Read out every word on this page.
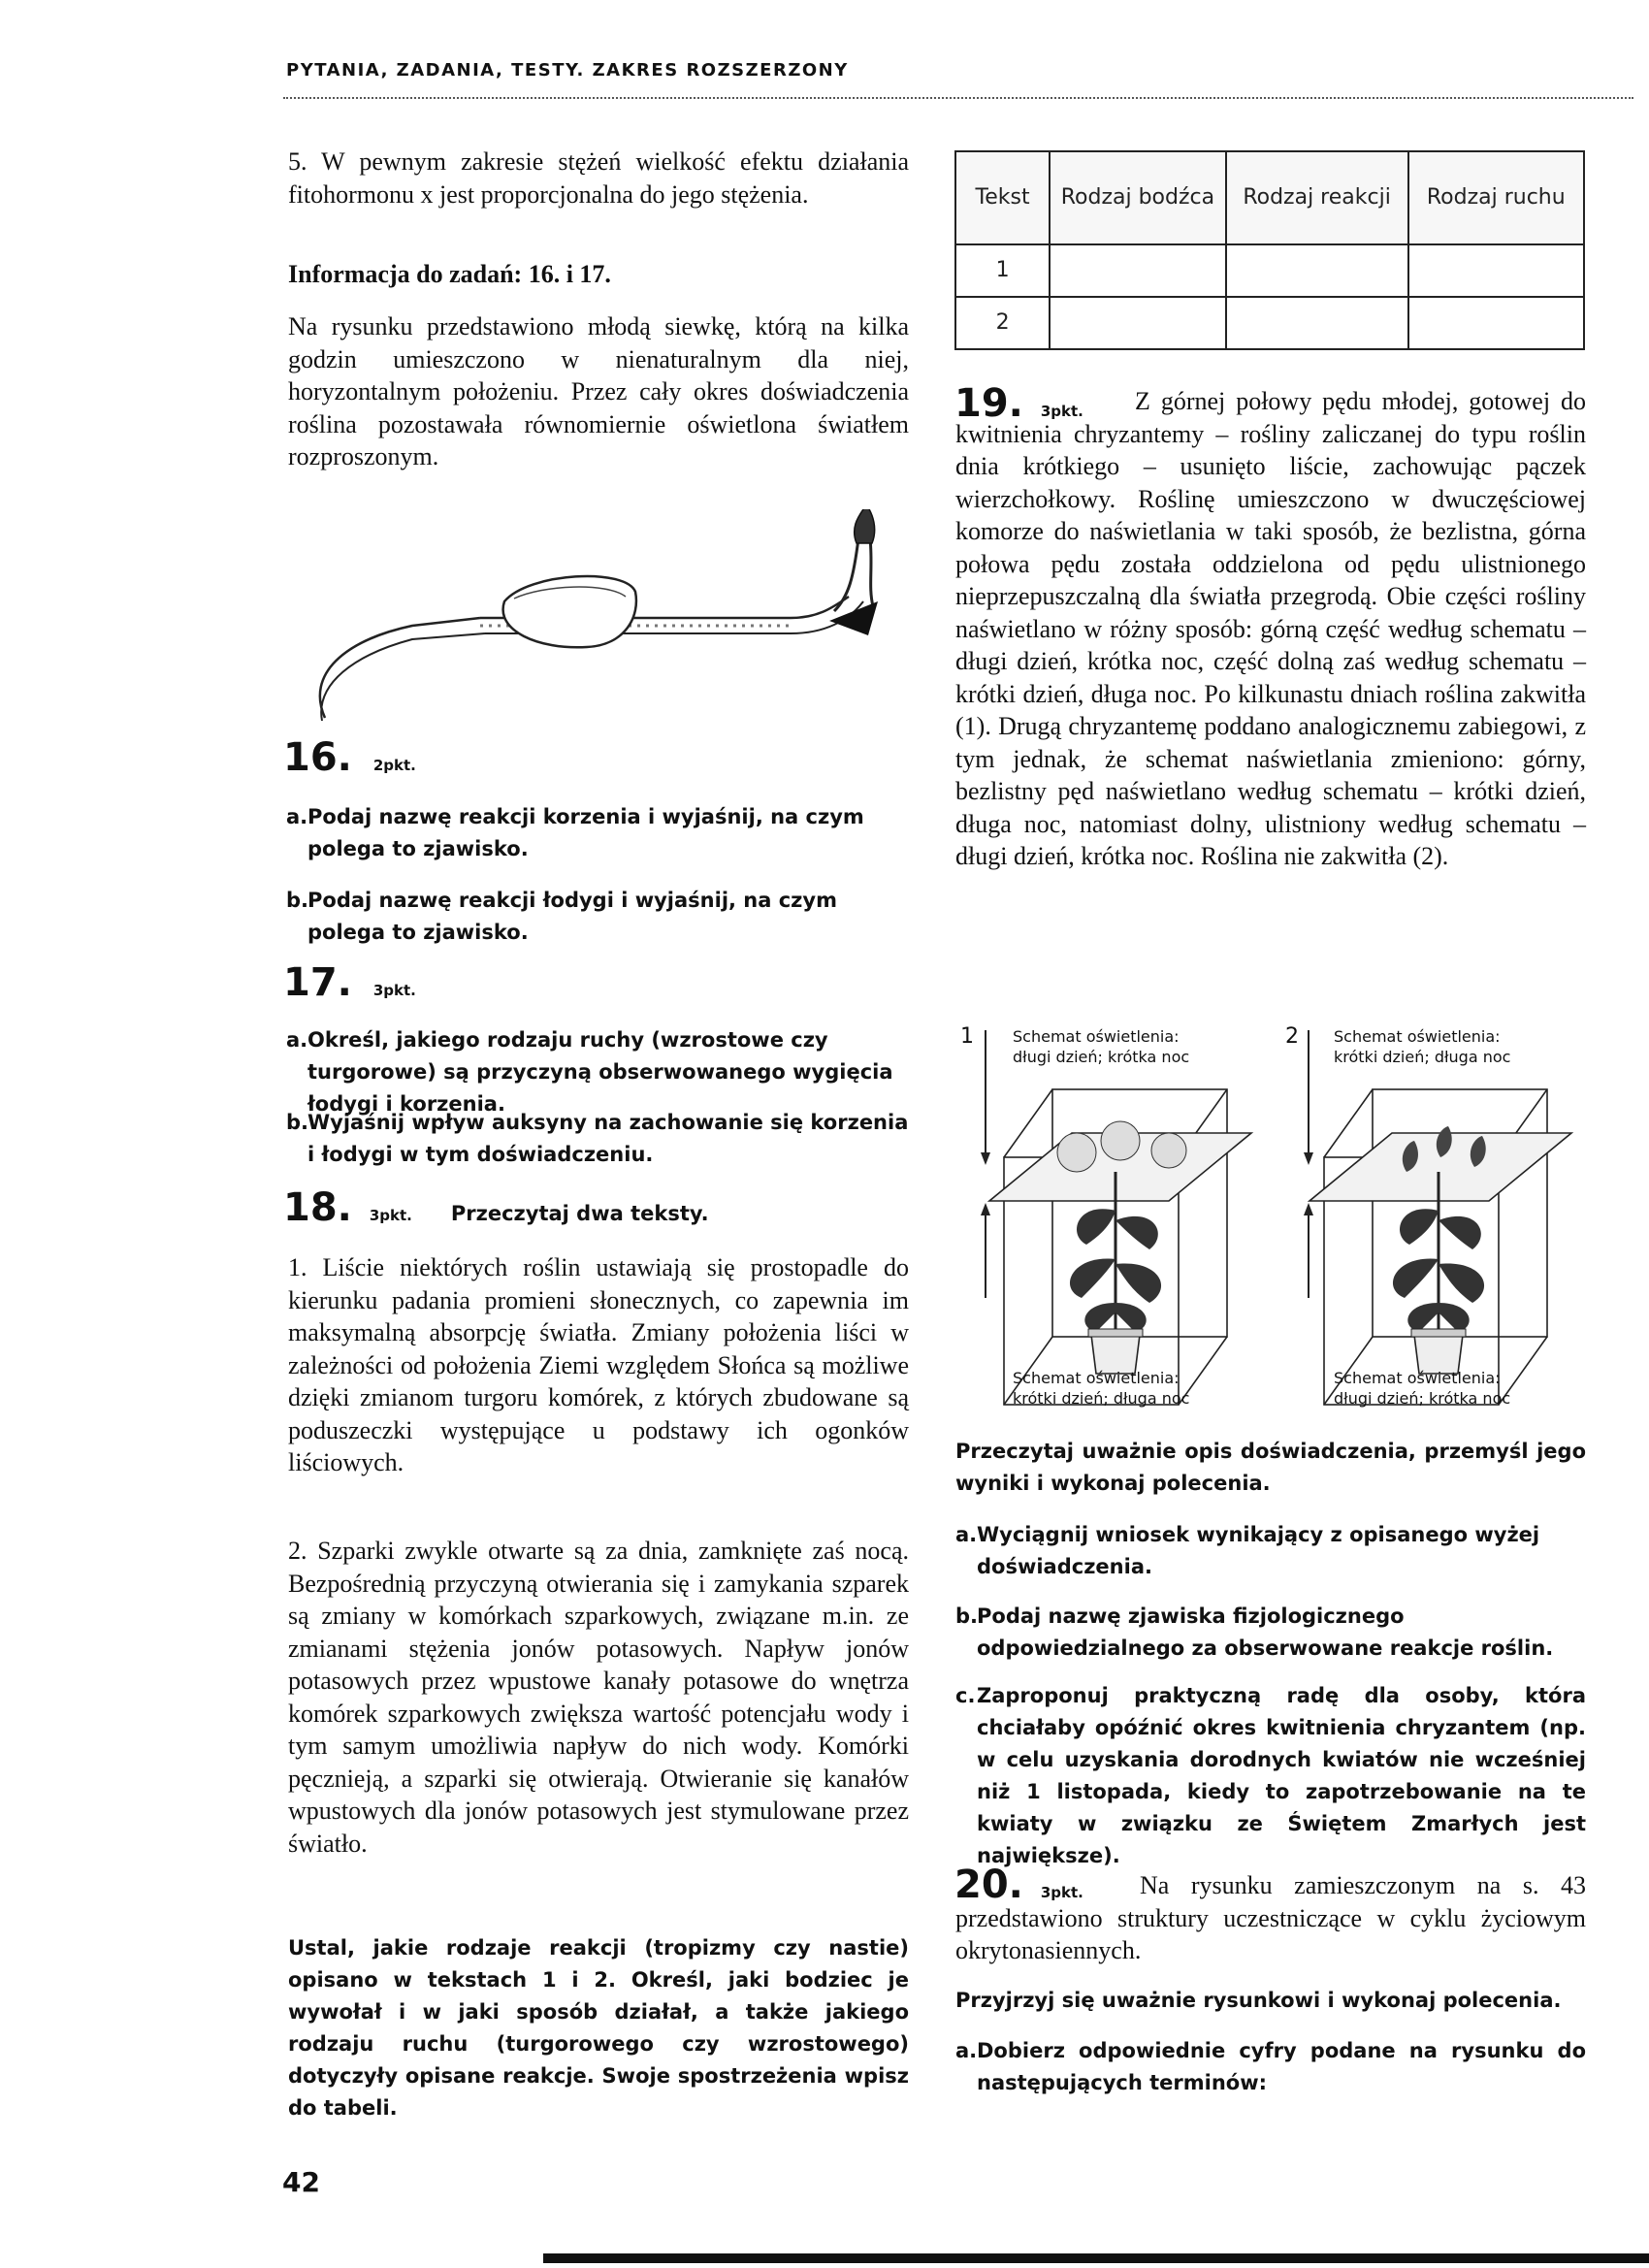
PYTANIA, ZADANIA, TESTY. ZAKRES ROZSZERZONY
5. W pewnym zakresie stężeń wielkość efektu działania fitohormonu x jest proporcjonalna do jego stężenia.
Informacja do zadań: 16. i 17.
Na rysunku przedstawiono młodą siewkę, którą na kilka godzin umieszczono w nienaturalnym dla niej, horyzontalnym położeniu. Przez cały okres doświadczenia roślina pozostawała równomiernie oświetlona światłem rozproszonym.
16. 2pkt.
a. Podaj nazwę reakcji korzenia i wyjaśnij, na czym polega to zjawisko.
b.
Podaj nazwę reakcji łodygi i wyjaśnij, na czym polega to zjawisko.
17. 3pkt.
a. Określ, jakiego rodzaju ruchy (wzrostowe czy turgorowe) są przyczyną obserwowanego wygięcia łodygi i korzenia.
b.
Wyjaśnij wpływ auksyny na zachowanie się korzenia i łodygi w tym doświadczeniu.
18. 3pkt. Przeczytaj dwa teksty.
1. Liście niektórych roślin ustawiają się prostopadle do kierunku padania promieni słonecznych, co zapewnia im maksymalną absorpcję światła. Zmiany położenia liści w zależności od położenia Ziemi względem Słońca są możliwe dzięki zmianom turgoru komórek, z których zbudowane są poduszeczki występujące u podstawy ich ogonków liściowych.
2. Szparki zwykle otwarte są za dnia, zamknięte zaś nocą. Bezpośrednią przyczyną otwierania się i zamykania szparek są zmiany w komórkach szparkowych, związane m.in. ze zmianami stężenia jonów potasowych. Napływ jonów potasowych przez wpustowe kanały potasowe do wnętrza komórek szparkowych zwiększa wartość potencjału wody i tym samym umożliwia napływ do nich wody. Komórki pęcznieją, a szparki się otwierają. Otwieranie się kanałów wpustowych dla jonów potasowych jest stymulowane przez światło.
Ustal, jakie rodzaje reakcji (tropizmy czy nastie) opisano w tekstach 1 i 2. Określ, jaki bodziec je wywołał i w jaki sposób działał, a także jakiego rodzaju ruchu (turgorowego czy wzrostowego) dotyczyły opisane reakcje. Swoje spostrzeżenia wpisz do tabeli.
42
Tekst	Rodzaj bodźca	Rodzaj reakcji	Rodzaj ruchu
1			
2			
Z górnej połowy pędu młodej, gotowej do kwitnienia chryzantemy – rośliny zaliczanej do typu roślin dnia krótkiego – usunięto liście, zachowując pączek wierzchołkowy. Roślinę umieszczono w dwuczęściowej komorze do naświetlania w taki sposób, że bezlistna, górna połowa pędu została oddzielona od pędu ulistnionego nieprzepuszczalną dla światła przegrodą. Obie części rośliny naświetlano w różny sposób: górną część według schematu – długi dzień, krótka noc, część dolną zaś według schematu – krótki dzień, długa noc. Po kilkunastu dniach roślina zakwitła (1). Drugą chryzantemę poddano analogicznemu zabiegowi, z tym jednak, że schemat naświetlania zmieniono: górny, bezlistny pęd naświetlano według schematu – krótki dzień, długa noc, natomiast dolny, ulistniony według schematu – długi dzień, krótka noc. Roślina nie zakwitła (2).
19. 3pkt.
1	Schemat oświetlenia:
długi dzień; krótka noc
Schemat oświetlenia:
krótki dzień; długa noc
2 Schemat oświetlenia:
krótki dzień; długa noc
Schemat oświetlenia:
długi dzień; krótka noc
Przeczytaj uważnie opis doświadczenia, przemyśl jego wyniki i wykonaj polecenia.
a. Wyciągnij wniosek wynikający z opisanego wyżej doświadczenia.
b.
Podaj nazwę zjawiska fizjologicznego odpowiedzialnego za obserwowane reakcje roślin.
c. Zaproponuj praktyczną radę dla osoby, która chciałaby opóźnić okres kwitnienia chryzantem (np. w celu uzyskania dorodnych kwiatów nie wcześniej niż 1 listopada, kiedy to zapotrzebowanie na te kwiaty w związku ze Świętem Zmarłych jest największe).
Na rysunku zamieszczonym na s. 43 przedstawiono struktury uczestniczące w cyklu życiowym okrytonasiennych.
20. 3pkt.
Przyjrzyj się uważnie rysunkowi i wykonaj polecenia.
a. Dobierz odpowiednie cyfry podane na rysunku do następujących terminów:
